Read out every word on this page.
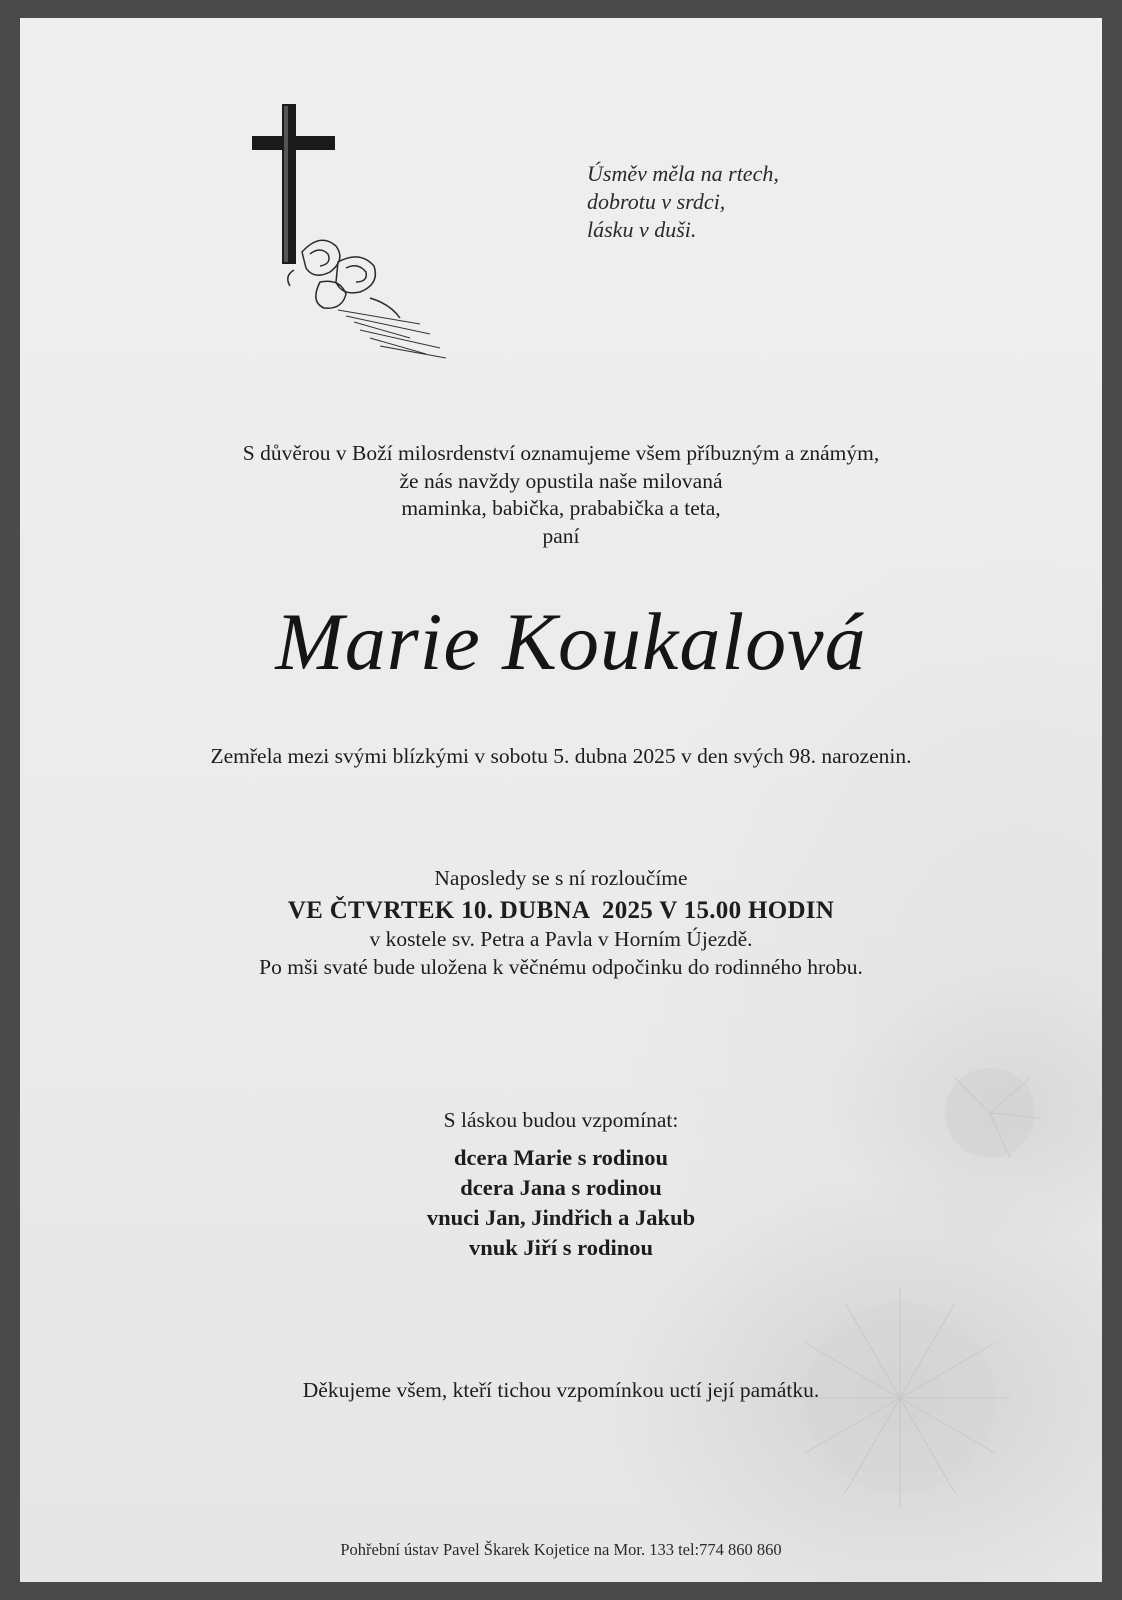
Úsměv měla na rtech,
dobrotu v srdci,
lásku v duši.
S důvěrou v Boží milosrdenství oznamujeme všem příbuzným a známým,
že nás navždy opustila naše milovaná
maminka, babička, prababička a teta,
paní
Marie Koukalová
Zemřela mezi svými blízkými v sobotu 5. dubna 2025 v den svých 98. narozenin.
Naposledy se s ní rozloučíme
VE ČTVRTEK 10. DUBNA  2025 V 15.00 HODIN
v kostele sv. Petra a Pavla v Horním Újezdě.
Po mši svaté bude uložena k věčnému odpočinku do rodinného hrobu.
S láskou budou vzpomínat:
dcera Marie s rodinou
dcera Jana s rodinou
vnuci Jan, Jindřich a Jakub
vnuk Jiří s rodinou
Děkujeme všem, kteří tichou vzpomínkou uctí její památku.
Pohřební ústav Pavel Škarek Kojetice na Mor. 133 tel:774 860 860
